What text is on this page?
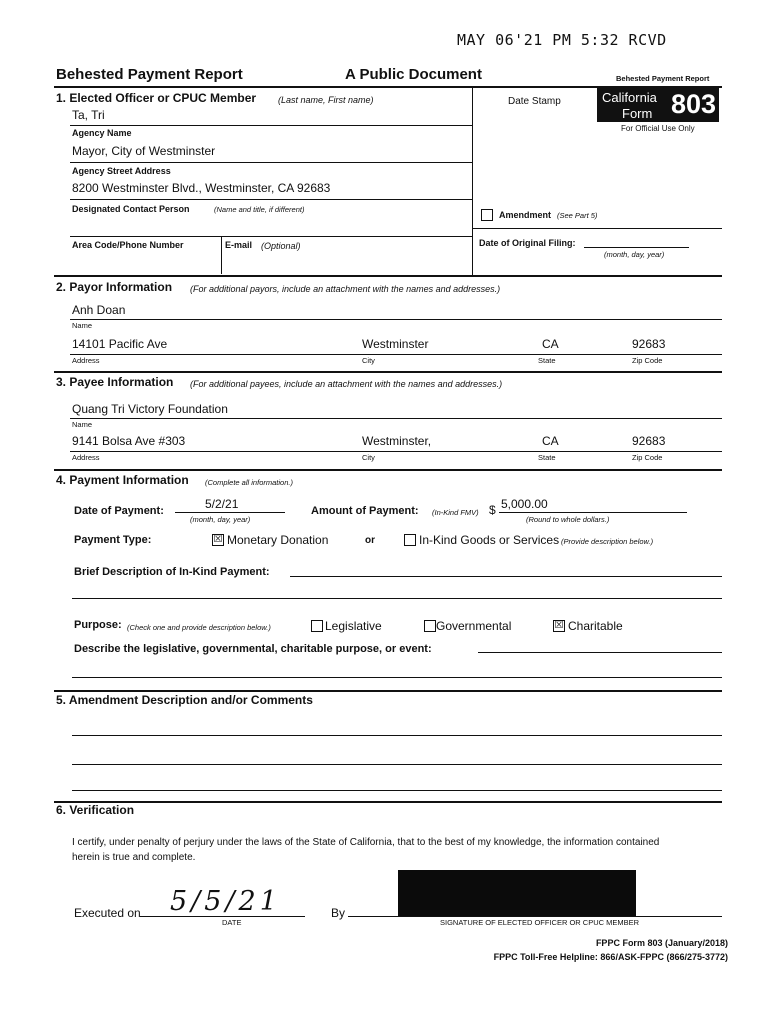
MAY 06'21 PM 5:32 RCVD
Behested Payment Report	A Public Document	Behested Payment Report
Date Stamp	California
Form 803
For Official Use Only
1. Elected Officer or CPUC Member (Last name, First name)
Ta, Tri
Agency Name
Mayor, City of Westminster
Agency Street Address
8200 Westminster Blvd., Westminster, CA 92683
Designated Contact Person	(Name and title, if different)
Area Code/Phone Number	E-mail (Optional)
Amendment (See Part 5)
Date of Original Filing:
(month, day, year)
2. Payor Information (For additional payors, include an attachment with the names and addresses.)
Anh Doan
Name
14101 Pacific Ave	Westminster	CA	92683
Address	City	State	Zip Code
3. Payee Information (For additional payees, include an attachment with the names and addresses.)
Quang Tri Victory Foundation
Name
9141 Bolsa Ave #303	Westminster,	CA	92683
Address	City	State	Zip Code
4. Payment Information (Complete all information.)
Date of Payment:	5/2/21
(month, day, year)
Amount of Payment: (In-Kind FMV) $ 5,000.00
(Round to whole dollars.)
Payment Type:	☒ Monetary Donation	or	In-Kind Goods or Services (Provide description below.)
Brief Description of In-Kind Payment:
Purpose: (Check one and provide description below.)	Legislative	Governmental	☒ Charitable
Describe the legislative, governmental, charitable purpose, or event:
5. Amendment Description and/or Comments
6. Verification
I certify, under penalty of perjury under the laws of the State of California, that to the best of my knowledge, the information contained
herein is true and complete.
Executed on 5/5/21
DATE
By
SIGNATURE OF ELECTED OFFICER OR CPUC MEMBER
FPPC Form 803 (January/2018)
FPPC Toll-Free Helpline: 866/ASK-FPPC (866/275-3772)
